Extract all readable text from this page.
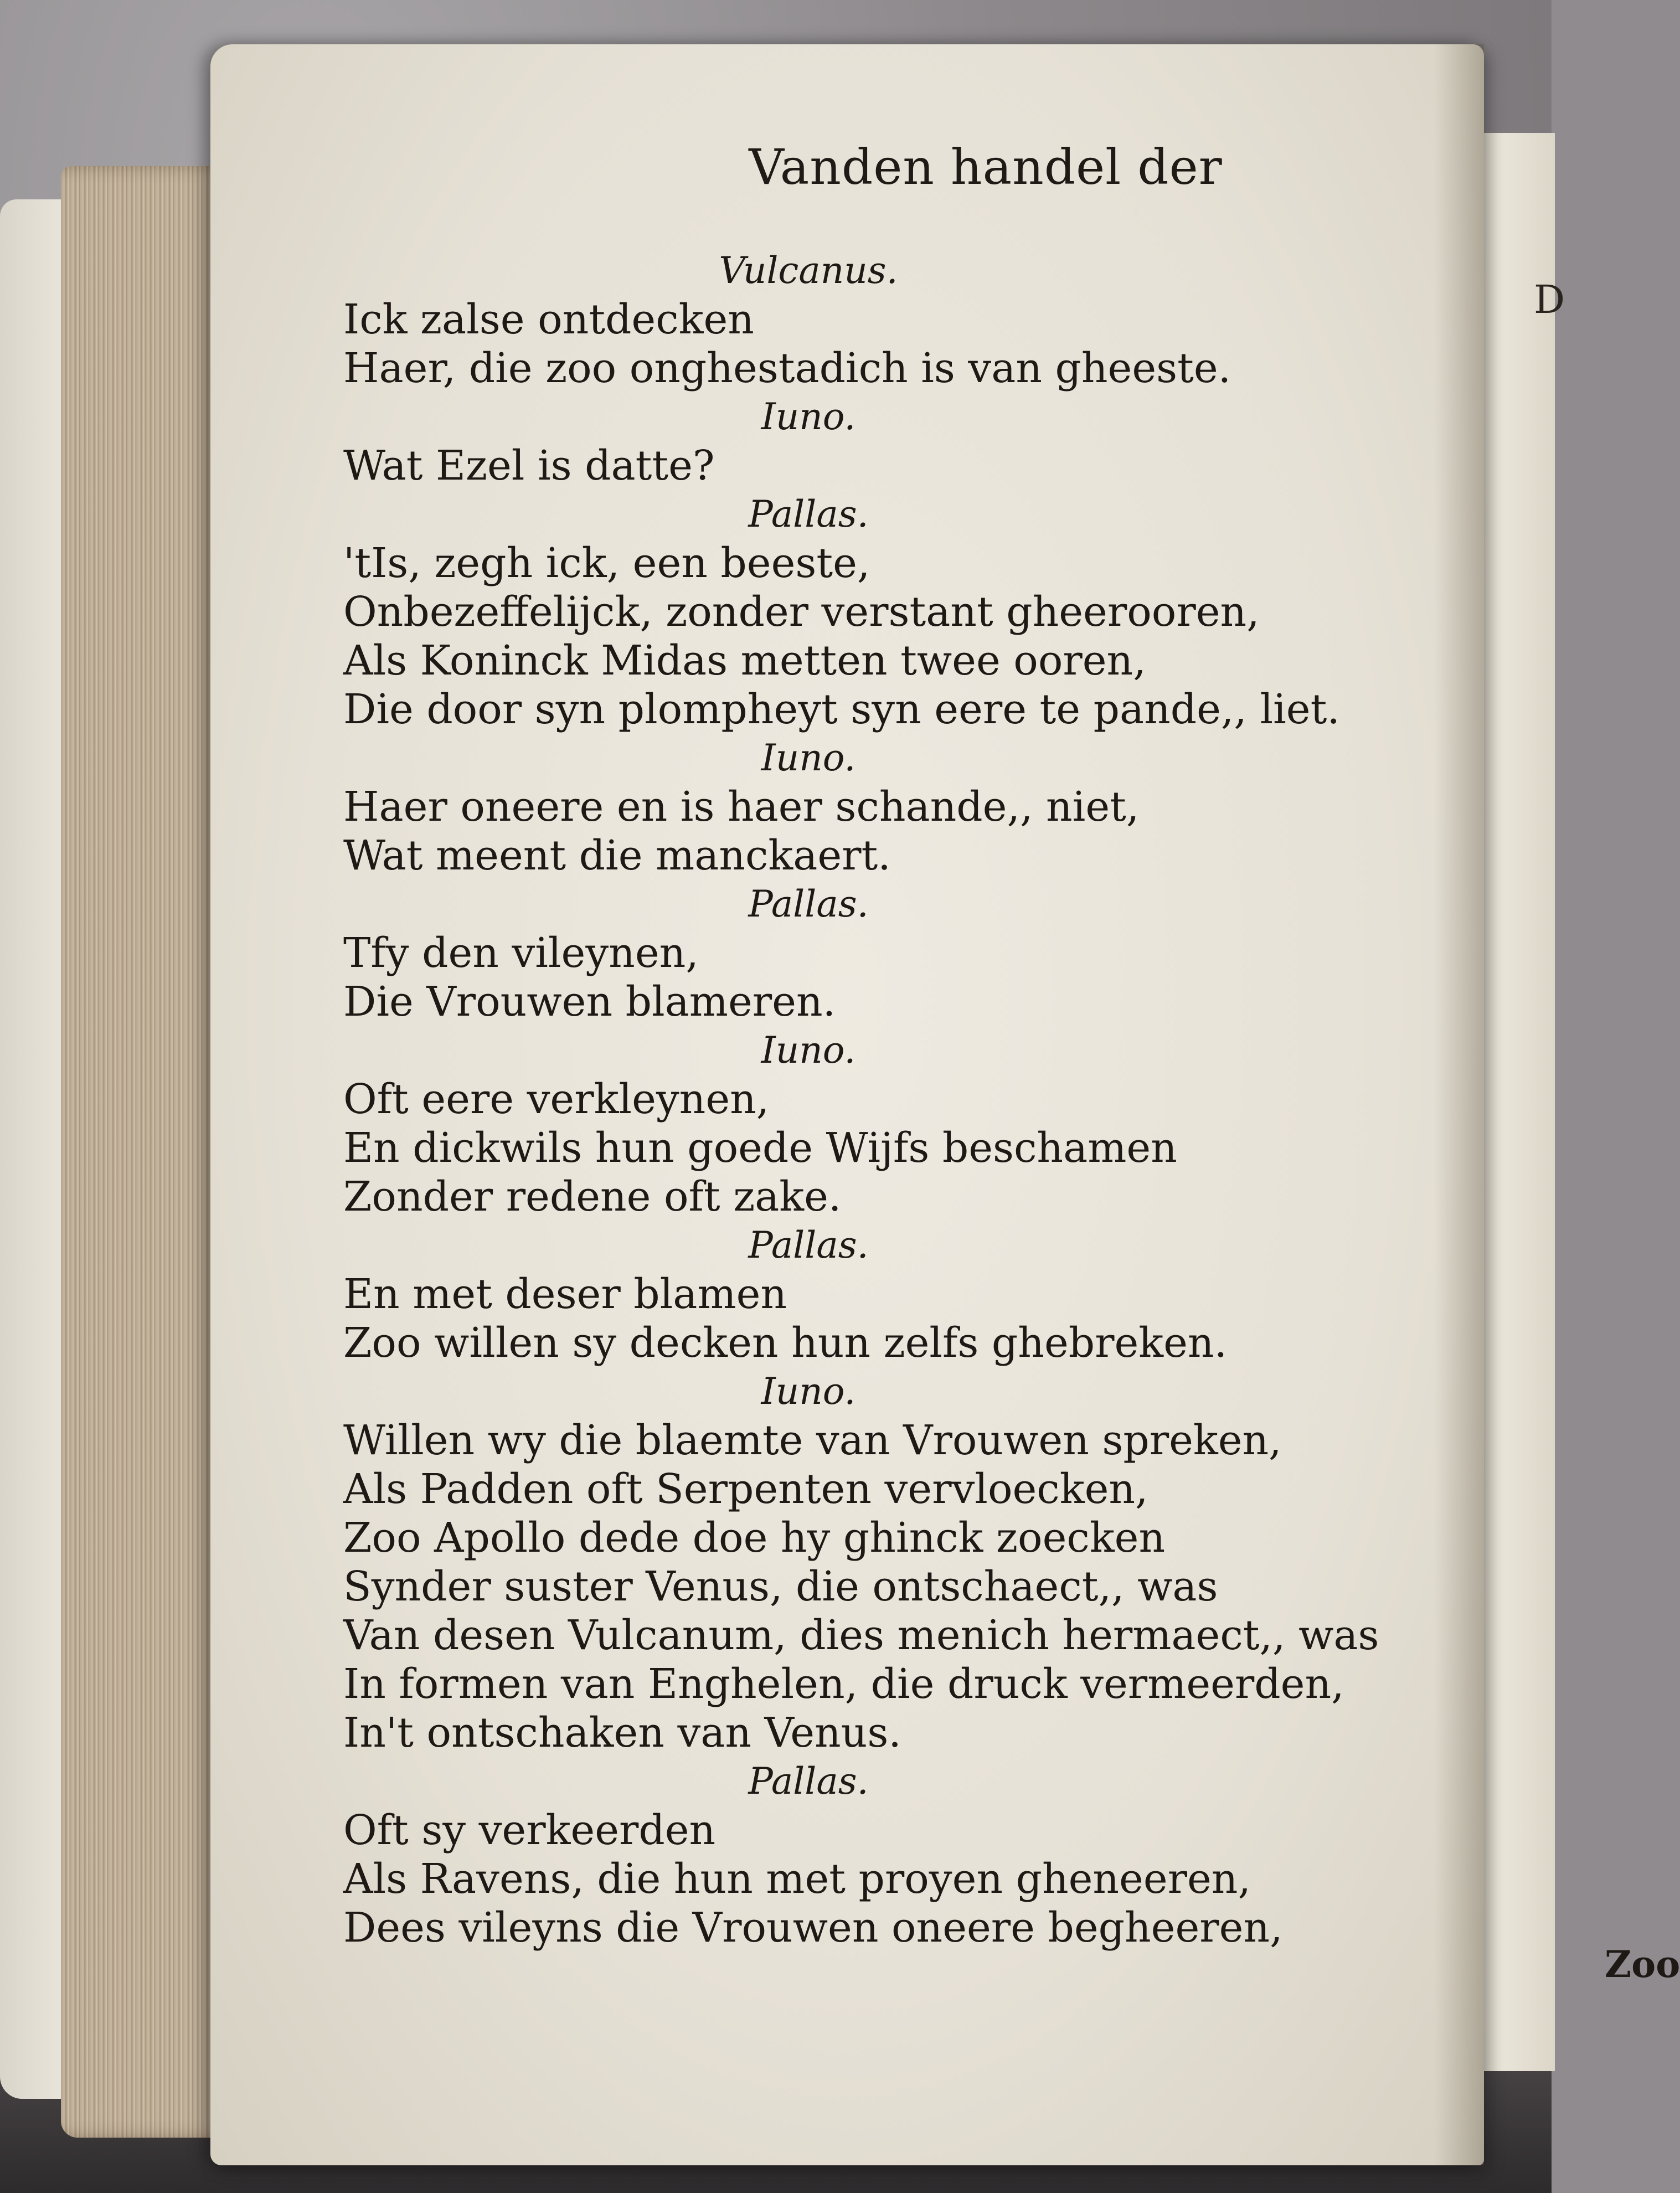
D
Vanden handel der
Vulcanus.
Ick zalse ontdecken
Haer, die zoo onghestadich is van gheeste.
Iuno.
Wat Ezel is datte?
Pallas.
'tIs, zegh ick, een beeste,
Onbezeffelijck, zonder verstant gheerooren,
Als Koninck Midas metten twee ooren,
Die door syn plompheyt syn eere te pande,, liet.
Iuno.
Haer oneere en is haer schande,, niet,
Wat meent die manckaert.
Pallas.
Tfy den vileynen,
Die Vrouwen blameren.
Iuno.
Oft eere verkleynen,
En dickwils hun goede Wijfs beschamen
Zonder redene oft zake.
Pallas.
En met deser blamen
Zoo willen sy decken hun zelfs ghebreken.
Iuno.
Willen wy die blaemte van Vrouwen spreken,
Als Padden oft Serpenten vervloecken,
Zoo Apollo dede doe hy ghinck zoecken
Synder suster Venus, die ontschaect,, was
Van desen Vulcanum, dies menich hermaect,, was
In formen van Enghelen, die druck vermeerden,
In't ontschaken van Venus.
Pallas.
Oft sy verkeerden
Als Ravens, die hun met proyen gheneeren,
Dees vileyns die Vrouwen oneere begheeren,
Zoo
